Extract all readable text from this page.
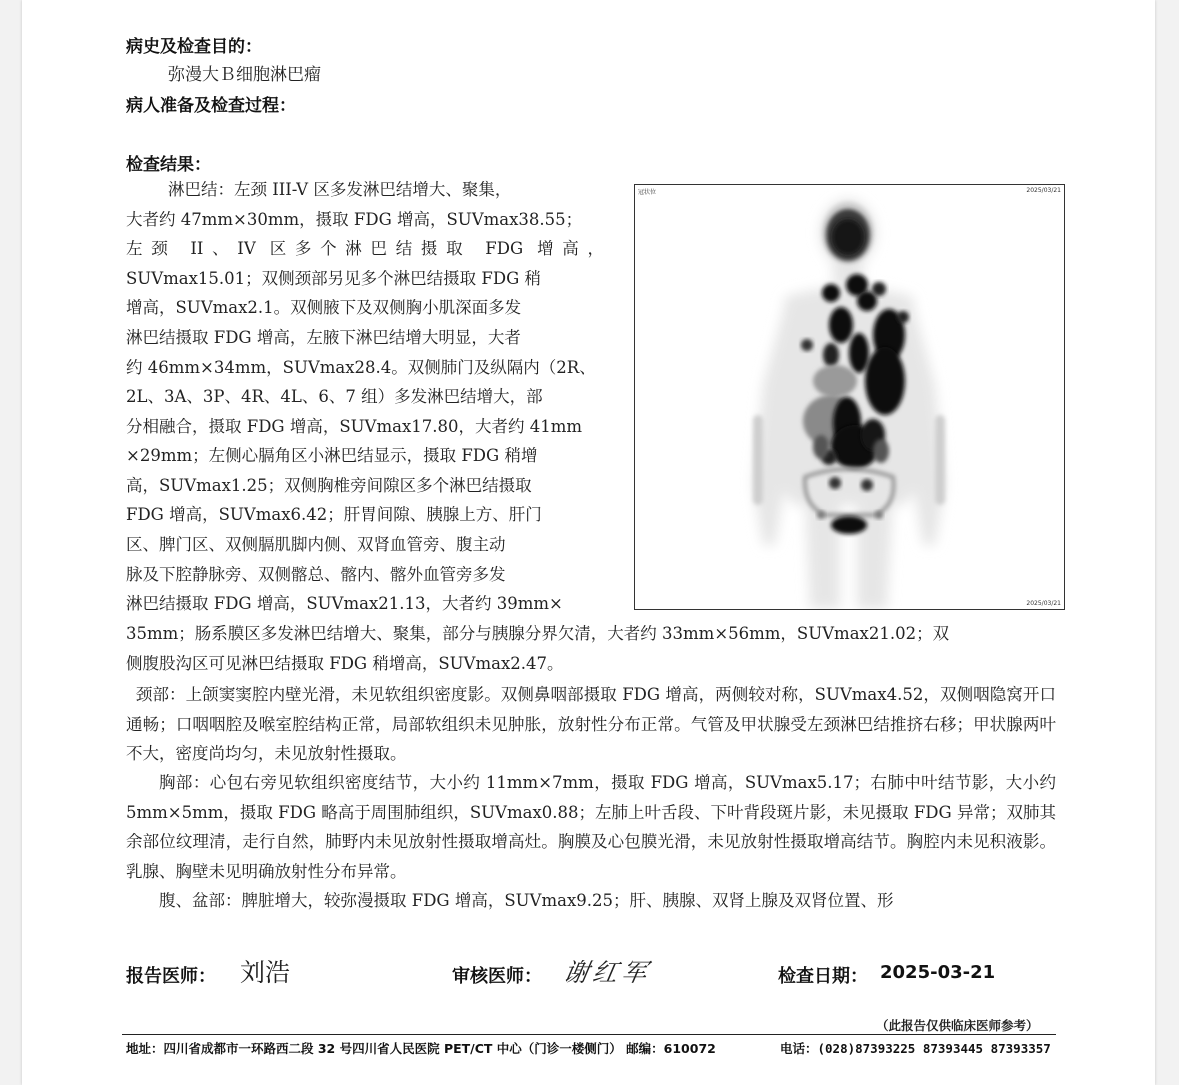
病史及检查目的：
弥漫大Ｂ细胞淋巴瘤
病人准备及检查过程：
检查结果：
淋巴结：左颈 III-V 区多发淋巴结增大、聚集，
大者约 47mm×30mm，摄取 FDG 增高，SUVmax38.55；
左颈 II、IV 区多个淋巴结摄取 FDG 增高，
SUVmax15.01；双侧颈部另见多个淋巴结摄取 FDG 稍
增高，SUVmax2.1。双侧腋下及双侧胸小肌深面多发
淋巴结摄取 FDG 增高，左腋下淋巴结增大明显，大者
约 46mm×34mm，SUVmax28.4。双侧肺门及纵隔内（2R、
2L、3A、3P、4R、4L、6、7 组）多发淋巴结增大，部
分相融合，摄取 FDG 增高，SUVmax17.80，大者约 41mm
×29mm；左侧心膈角区小淋巴结显示，摄取 FDG 稍增
高，SUVmax1.25；双侧胸椎旁间隙区多个淋巴结摄取
FDG 增高，SUVmax6.42；肝胃间隙、胰腺上方、肝门
区、脾门区、双侧膈肌脚内侧、双肾血管旁、腹主动
脉及下腔静脉旁、双侧髂总、髂内、髂外血管旁多发
淋巴结摄取 FDG 增高，SUVmax21.13，大者约 39mm×
35mm；肠系膜区多发淋巴结增大、聚集，部分与胰腺分界欠清，大者约 33mm×56mm，SUVmax21.02；双
侧腹股沟区可见淋巴结摄取 FDG 稍增高，SUVmax2.47。
冠状位	2025/03/21
2025/03/21

颈部：上颌窦窦腔内壁光滑，未见软组织密度影。双侧鼻咽部摄取 FDG 增高，两侧较对称，SUVmax4.52，双侧咽隐窝开口通畅；口咽咽腔及喉室腔结构正常，局部软组织未见肿胀，放射性分布正常。气管及甲状腺受左颈淋巴结推挤右移；甲状腺两叶不大，密度尚均匀，未见放射性摄取。

胸部：心包右旁见软组织密度结节，大小约 11mm×7mm，摄取 FDG 增高，SUVmax5.17；右肺中叶结节影，大小约 5mm×5mm，摄取 FDG 略高于周围肺组织，SUVmax0.88；左肺上叶舌段、下叶背段斑片影，未见摄取 FDG 异常；双肺其余部位纹理清，走行自然，肺野内未见放射性摄取增高灶。胸膜及心包膜光滑，未见放射性摄取增高结节。胸腔内未见积液影。乳腺、胸壁未见明确放射性分布异常。

腹、盆部：脾脏增大，较弥漫摄取 FDG 增高，SUVmax9.25；肝、胰腺、双肾上腺及双肾位置、形

报告医师： 刘浩	审核医师： 谢红军	检查日期： 2025-03-21
（此报告仅供临床医师参考）
地址：四川省成都市一环路西二段 32 号四川省人民医院 PET/CT 中心（门诊一楼侧门） 邮编：610072	电话：(028)87393225 87393445 87393357
